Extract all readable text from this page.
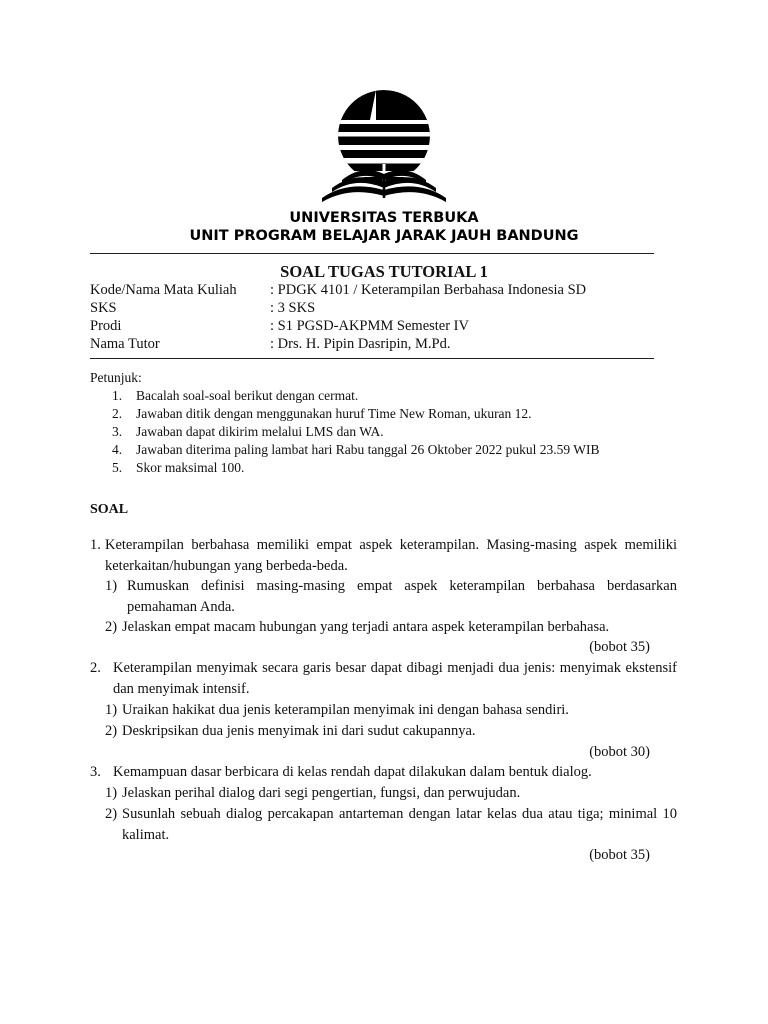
UNIVERSITAS TERBUKA
UNIT PROGRAM BELAJAR JARAK JAUH BANDUNG
SOAL TUGAS TUTORIAL 1
Kode/Nama Mata Kuliah : PDGK 4101 / Keterampilan Berbahasa Indonesia SD
SKS	: 3 SKS
Prodi	: S1 PGSD-AKPMM Semester IV
Nama Tutor	: Drs. H. Pipin Dasripin, M.Pd.
Petunjuk:
1. Bacalah soal-soal berikut dengan cermat.
2. Jawaban ditik dengan menggunakan huruf Time New Roman, ukuran 12.
3. Jawaban dapat dikirim melalui LMS dan WA.
4. Jawaban diterima paling lambat hari Rabu tanggal 26 Oktober 2022 pukul 23.59 WIB
5. Skor maksimal 100.
SOAL
1. Keterampilan berbahasa memiliki empat aspek keterampilan. Masing-masing aspek memiliki keterkaitan/hubungan yang berbeda-beda.
1) Rumuskan definisi masing-masing empat aspek keterampilan berbahasa berdasarkan pemahaman Anda.
2) Jelaskan empat macam hubungan yang terjadi antara aspek keterampilan berbahasa.
(bobot 35)
2. Keterampilan menyimak secara garis besar dapat dibagi menjadi dua jenis: menyimak ekstensif dan menyimak intensif.
1) Uraikan hakikat dua jenis keterampilan menyimak ini dengan bahasa sendiri.
2) Deskripsikan dua jenis menyimak ini dari sudut cakupannya.
(bobot 30)
3. Kemampuan dasar berbicara di kelas rendah dapat dilakukan dalam bentuk dialog.
1) Jelaskan perihal dialog dari segi pengertian, fungsi, dan perwujudan.
2) Susunlah sebuah dialog percakapan antarteman dengan latar kelas dua atau tiga; minimal 10 kalimat.
(bobot 35)
